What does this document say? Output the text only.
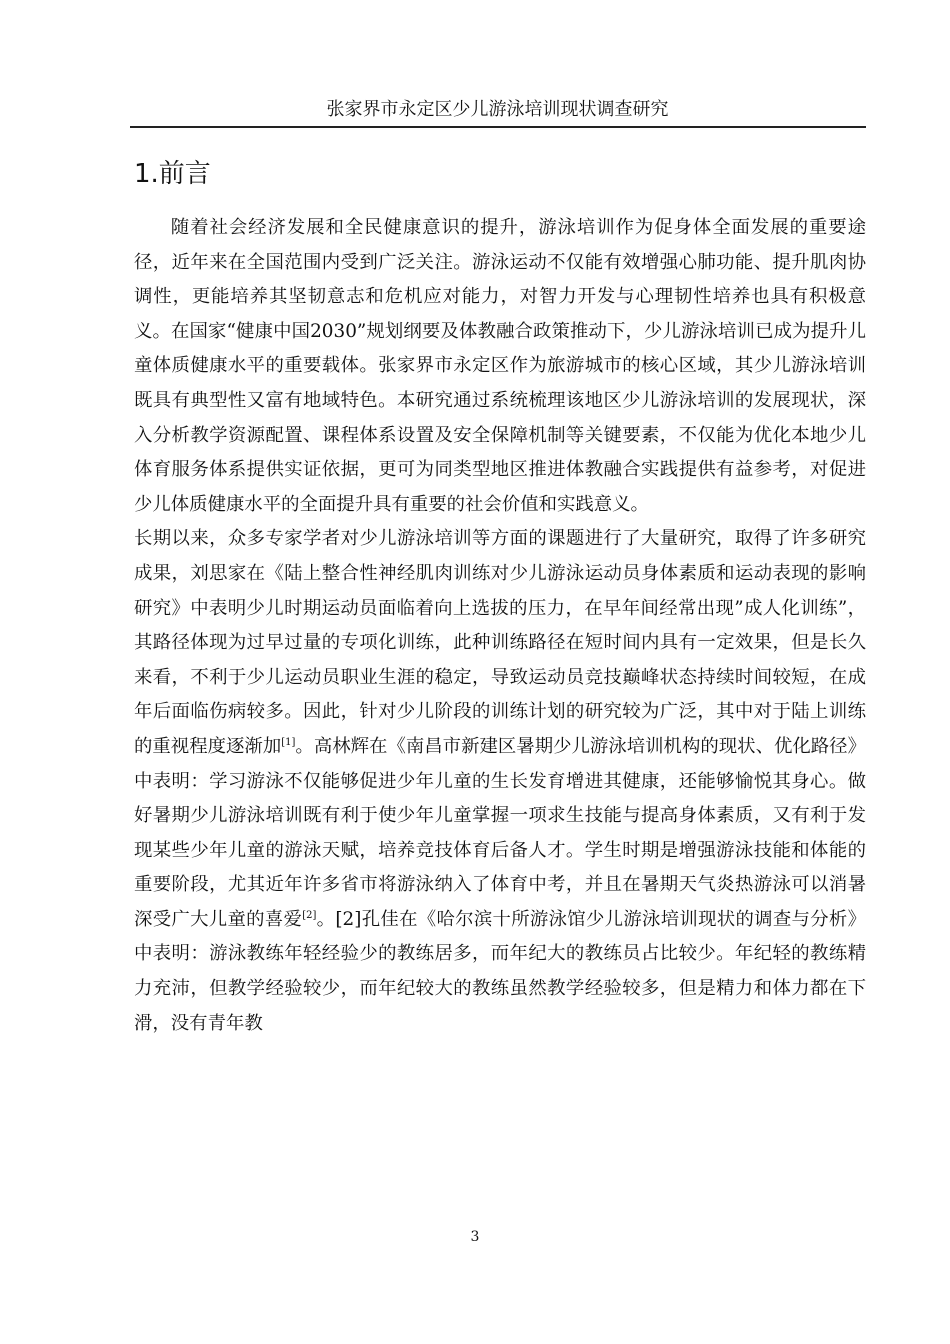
张家界市永定区少儿游泳培训现状调查研究
1.前言

随着社会经济发展和全民健康意识的提升，游泳培训作为促身体全面发展的重要途径，近年来在全国范围内受到广泛关注。游泳运动不仅能有效增强心肺功能、提升肌肉协调性，更能培养其坚韧意志和危机应对能力，对智力开发与心理韧性培养也具有积极意义。在国家“健康中国2030”规划纲要及体教融合政策推动下，少儿游泳培训已成为提升儿童体质健康水平的重要载体。张家界市永定区作为旅游城市的核心区域，其少儿游泳培训既具有典型性又富有地域特色。本研究通过系统梳理该地区少儿游泳培训的发展现状，深入分析教学资源配置、课程体系设置及安全保障机制等关键要素，不仅能为优化本地少儿体育服务体系提供实证依据，更可为同类型地区推进体教融合实践提供有益参考，对促进少儿体质健康水平的全面提升具有重要的社会价值和实践意义。

长期以来，众多专家学者对少儿游泳培训等方面的课题进行了大量研究，取得了许多研究成果，刘思家在《陆上整合性神经肌肉训练对少儿游泳运动员身体素质和运动表现的影响研究》中表明少儿时期运动员面临着向上选拔的压力，在早年间经常出现”成人化训练”，其路径体现为过早过量的专项化训练，此种训练路径在短时间内具有一定效果，但是长久来看，不利于少儿运动员职业生涯的稳定，导致运动员竞技巅峰状态持续时间较短，在成年后面临伤病较多。因此，针对少儿阶段的训练计划的研究较为广泛，其中对于陆上训练的重视程度逐渐加[1]。高林辉在《南昌市新建区暑期少儿游泳培训机构的现状、优化路径》中表明：学习游泳不仅能够促进少年儿童的生长发育增进其健康，还能够愉悦其身心。做好暑期少儿游泳培训既有利于使少年儿童掌握一项求生技能与提高身体素质，又有利于发现某些少年儿童的游泳天赋，培养竞技体育后备人才。学生时期是增强游泳技能和体能的重要阶段，尤其近年许多省市将游泳纳入了体育中考，并且在暑期天气炎热游泳可以消暑深受广大儿童的喜爱[2]。[2]孔佳在《哈尔滨十所游泳馆少儿游泳培训现状的调查与分析》中表明：游泳教练年轻经验少的教练居多，而年纪大的教练员占比较少。年纪轻的教练精力充沛，但教学经验较少，而年纪较大的教练虽然教学经验较多，但是精力和体力都在下滑，没有青年教

3
